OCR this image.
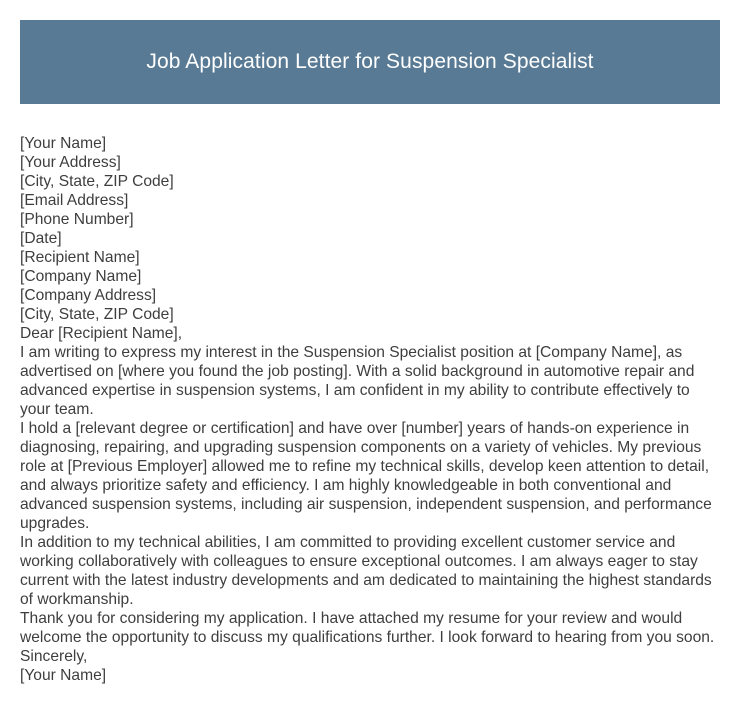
Job Application Letter for Suspension Specialist

[Your Name]

[Your Address]

[City, State, ZIP Code]

[Email Address]

[Phone Number]

[Date]

[Recipient Name]

[Company Name]

[Company Address]

[City, State, ZIP Code]

Dear [Recipient Name],

I am writing to express my interest in the Suspension Specialist position at [Company Name], as advertised on [where you found the job posting]. With a solid background in automotive repair and advanced expertise in suspension systems, I am confident in my ability to contribute effectively to your team.

I hold a [relevant degree or certification] and have over [number] years of hands-on experience in diagnosing, repairing, and upgrading suspension components on a variety of vehicles. My previous role at [Previous Employer] allowed me to refine my technical skills, develop keen attention to detail, and always prioritize safety and efficiency. I am highly knowledgeable in both conventional and advanced suspension systems, including air suspension, independent suspension, and performance upgrades.

In addition to my technical abilities, I am committed to providing excellent customer service and working collaboratively with colleagues to ensure exceptional outcomes. I am always eager to stay current with the latest industry developments and am dedicated to maintaining the highest standards of workmanship.

Thank you for considering my application. I have attached my resume for your review and would welcome the opportunity to discuss my qualifications further. I look forward to hearing from you soon.

Sincerely,

[Your Name]
